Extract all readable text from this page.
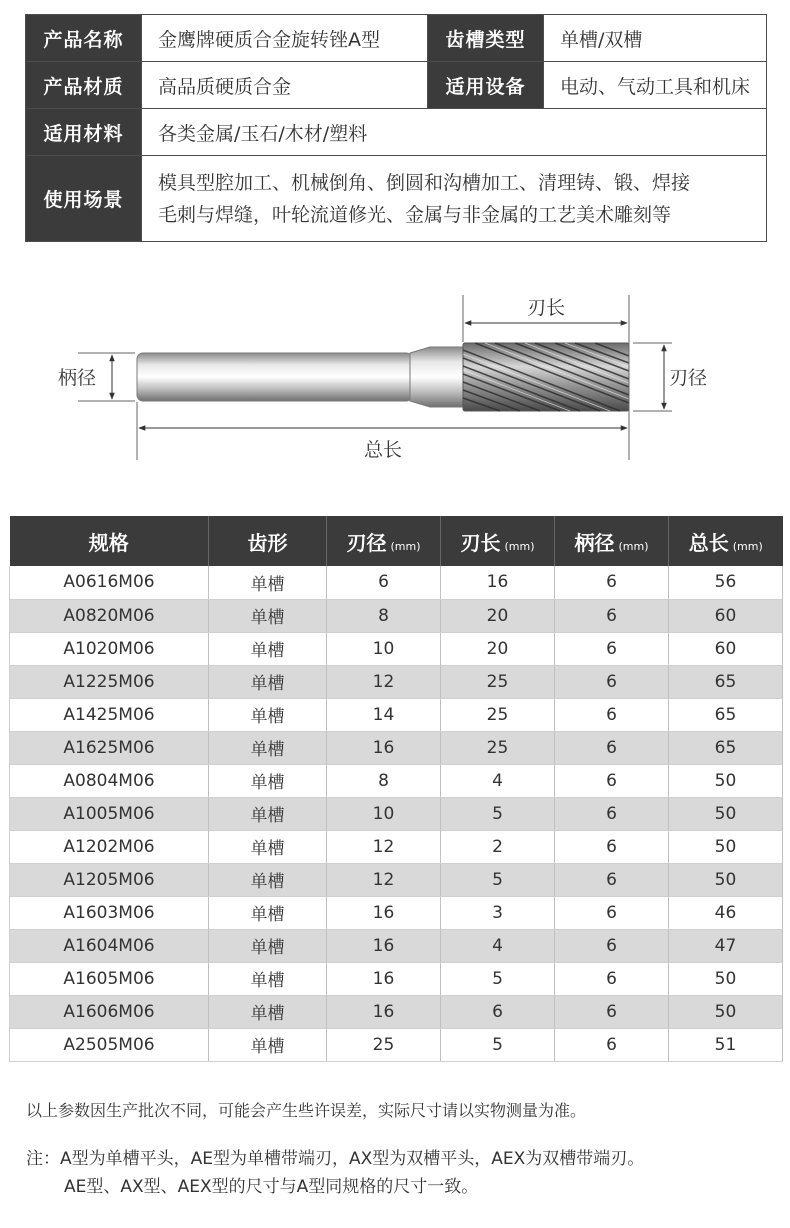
产品名称	金鹰牌硬质合金旋转锉A型	齿槽类型	单槽/双槽
产品材质	高品质硬质合金	适用设备	电动、气动工具和机床
适用材料	各类金属/玉石/木材/塑料		
使用场景	模具型腔加工、机械倒角、倒圆和沟槽加工、清理铸、锻、焊接
毛刺与焊缝，叶轮流道修光、金属与非金属的工艺美术雕刻等		
刃长
总长
刃径
柄径
规格	齿形	刃径 (mm)	刃长 (mm)	柄径 (mm)	总长 (mm)
A0616M06	单槽	6	16	6	56
A0820M06	单槽	8	20	6	60
A1020M06	单槽	10	20	6	60
A1225M06	单槽	12	25	6	65
A1425M06	单槽	14	25	6	65
A1625M06	单槽	16	25	6	65
A0804M06	单槽	8	4	6	50
A1005M06	单槽	10	5	6	50
A1202M06	单槽	12	2	6	50
A1205M06	单槽	12	5	6	50
A1603M06	单槽	16	3	6	46
A1604M06	单槽	16	4	6	47
A1605M06	单槽	16	5	6	50
A1606M06	单槽	16	6	6	50
A2505M06	单槽	25	5	6	51
以上参数因生产批次不同，可能会产生些许误差，实际尺寸请以实物测量为准。
注：A型为单槽平头，AE型为单槽带端刃，AX型为双槽平头，AEX为双槽带端刃。
AE型、AX型、AEX型的尺寸与A型同规格的尺寸一致。
